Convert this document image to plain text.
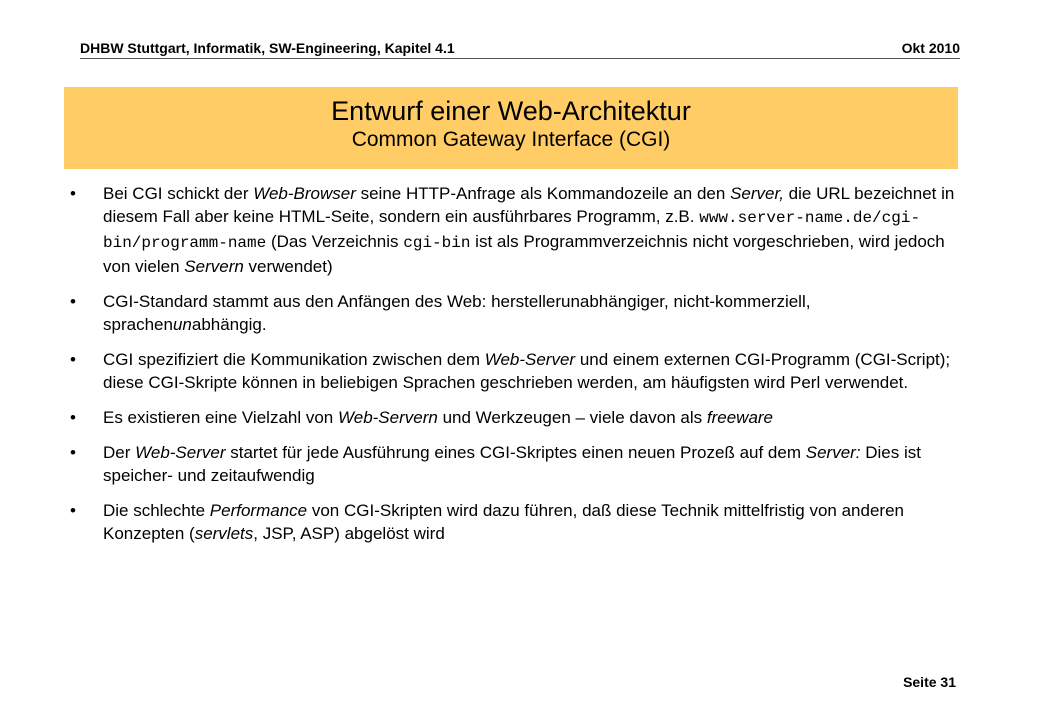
DHBW Stuttgart, Informatik, SW-Engineering, Kapitel 4.1	Okt 2010
Entwurf einer Web-Architektur
Common Gateway Interface (CGI)
• Bei CGI schickt der Web-Browser seine HTTP-Anfrage als Kommandozeile an den Server, die URL bezeichnet in diesem Fall aber keine HTML-Seite, sondern ein ausführbares Programm, z.B. www.server-name.de/cgi-bin/programm-name (Das Verzeichnis cgi-bin ist als Programmverzeichnis nicht vorgeschrieben, wird jedoch von vielen Servern verwendet)
• CGI-Standard stammt aus den Anfängen des Web: herstellerunabhängiger, nicht-kommerziell, sprachenunabhängig.
• CGI spezifiziert die Kommunikation zwischen dem Web-Server und einem externen CGI-Programm (CGI-Script); diese CGI-Skripte können in beliebigen Sprachen geschrieben werden, am häufigsten wird Perl verwendet.
• Es existieren eine Vielzahl von Web-Servern und Werkzeugen – viele davon als freeware
• Der Web-Server startet für jede Ausführung eines CGI-Skriptes einen neuen Prozeß auf dem Server: Dies ist speicher- und zeitaufwendig
• Die schlechte Performance von CGI-Skripten wird dazu führen, daß diese Technik mittelfristig von anderen Konzepten (servlets, JSP, ASP) abgelöst wird
Seite 31
